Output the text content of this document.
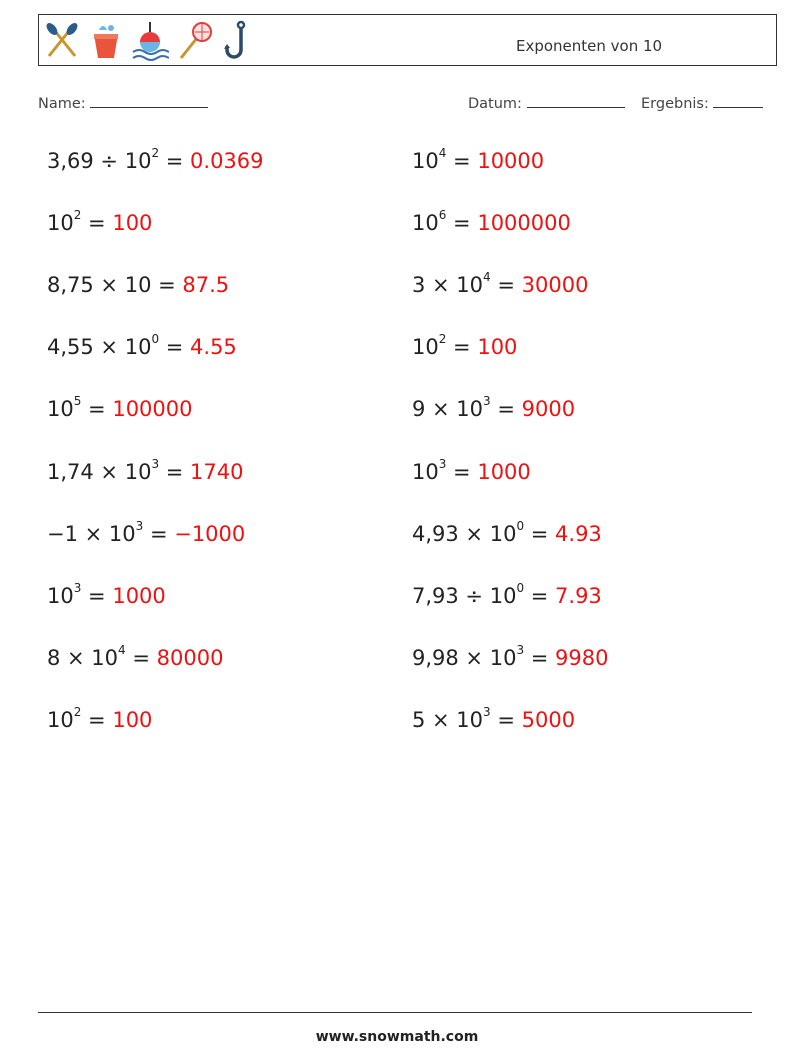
Exponenten von 10
Name:	Datum:	Ergebnis:
$3,69 \div 10^2 = 0.0369$	$10^4 = 10000$
$10^2 = 100$	$10^6 = 1000000$
8,75 × 10 = 87.5	$3 \times 10^4 = 30000$
$4,55 \times 10^0 = 4.55$	$10^2 = 100$
$10^5 = 100000$	$9 \times 10^3 = 9000$
$1,74 \times 10^3 = 1740$	$10^3 = 1000$
$-1 \times 10^3 = -1000$	$4,93 \times 10^0 = 4.93$
$10^3 = 1000$	$7,93 \div 10^0 = 7.93$
$8 \times 10^4 = 80000$	$9,98 \times 10^3 = 9980$
$10^2 = 100$	$5 \times 10^3 = 5000$
www.snowmath.com
